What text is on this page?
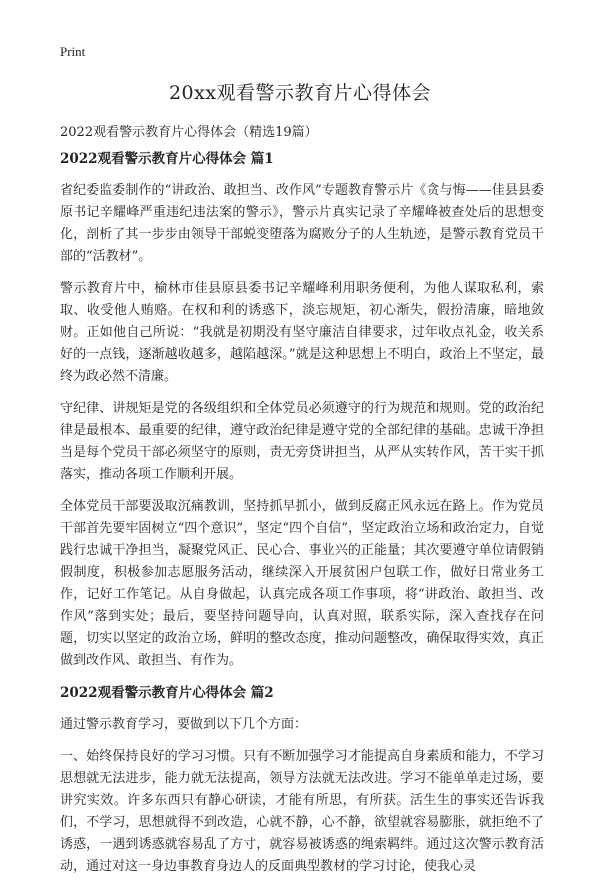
Print
20xx观看警示教育片心得体会

2022观看警示教育片心得体会（精选19篇）

2022观看警示教育片心得体会 篇1

省纪委监委制作的“讲政治、敢担当、改作风”专题教育警示片《贪与悔——佳县县委原书记辛耀峰严重违纪违法案的警示》，警示片真实记录了辛耀峰被查处后的思想变化，剖析了其一步步由领导干部蜕变堕落为腐败分子的人生轨迹，是警示教育党员干部的“活教材”。

警示教育片中，榆林市佳县原县委书记辛耀峰利用职务便利，为他人谋取私利，索取、收受他人贿赂。在权和利的诱惑下，淡忘规矩，初心渐失，假扮清廉，暗地敛财。正如他自己所说：“我就是初期没有坚守廉洁自律要求，过年收点礼金，收关系好的一点钱，逐渐越收越多，越陷越深。”就是这种思想上不明白，政治上不坚定，最终为政必然不清廉。

守纪律、讲规矩是党的各级组织和全体党员必须遵守的行为规范和规则。党的政治纪律是最根本、最重要的纪律，遵守政治纪律是遵守党的全部纪律的基础。忠诚干净担当是每个党员干部必须坚守的原则，责无旁贷讲担当，从严从实转作风，苦干实干抓落实，推动各项工作顺利开展。

全体党员干部要汲取沉痛教训，坚持抓早抓小，做到反腐正风永远在路上。作为党员干部首先要牢固树立“四个意识”，坚定“四个自信”，坚定政治立场和政治定力，自觉践行忠诚干净担当，凝聚党风正、民心合、事业兴的正能量；其次要遵守单位请假销假制度，积极参加志愿服务活动，继续深入开展贫困户包联工作，做好日常业务工作，记好工作笔记。从自身做起，认真完成各项工作事项，将“讲政治、敢担当、改作风”落到实处；最后，要坚持问题导向，认真对照，联系实际，深入查找存在问题，切实以坚定的政治立场，鲜明的整改态度，推动问题整改，确保取得实效，真正做到改作风、敢担当、有作为。

2022观看警示教育片心得体会 篇2

通过警示教育学习，要做到以下几个方面：

一、始终保持良好的学习习惯。只有不断加强学习才能提高自身素质和能力，不学习思想就无法进步，能力就无法提高，领导方法就无法改进。学习不能单单走过场，要讲究实效。许多东西只有静心研读，才能有所思，有所获。活生生的事实还告诉我们，不学习，思想就得不到改造，心就不静，心不静，欲望就容易膨胀，就拒绝不了诱惑，一遇到诱惑就容易乱了方寸，就容易被诱惑的绳索羁绊。通过这次警示教育活动，通过对这一身边事教育身边人的反面典型教材的学习讨论，使我心灵
